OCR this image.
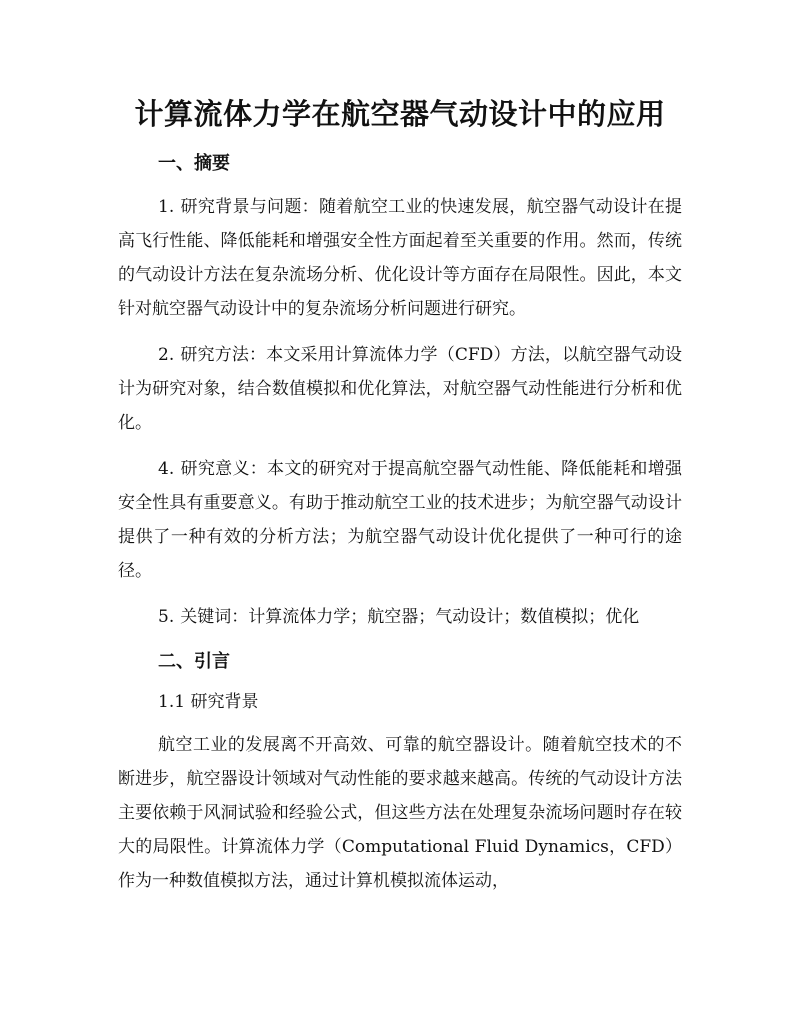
计算流体力学在航空器气动设计中的应用
一、摘要

1. 研究背景与问题：随着航空工业的快速发展，航空器气动设计在提高飞行性能、降低能耗和增强安全性方面起着至关重要的作用。然而，传统的气动设计方法在复杂流场分析、优化设计等方面存在局限性。因此，本文针对航空器气动设计中的复杂流场分析问题进行研究。

2. 研究方法：本文采用计算流体力学（CFD）方法，以航空器气动设计为研究对象，结合数值模拟和优化算法，对航空器气动性能进行分析和优化。

4. 研究意义：本文的研究对于提高航空器气动性能、降低能耗和增强安全性具有重要意义。有助于推动航空工业的技术进步；为航空器气动设计提供了一种有效的分析方法；为航空器气动设计优化提供了一种可行的途径。

5. 关键词：计算流体力学；航空器；气动设计；数值模拟；优化

二、引言
1.1 研究背景

航空工业的发展离不开高效、可靠的航空器设计。随着航空技术的不断进步，航空器设计领域对气动性能的要求越来越高。传统的气动设计方法主要依赖于风洞试验和经验公式，但这些方法在处理复杂流场问题时存在较大的局限性。计算流体力学（Computational Fluid Dynamics，CFD）作为一种数值模拟方法，通过计算机模拟流体运动，
